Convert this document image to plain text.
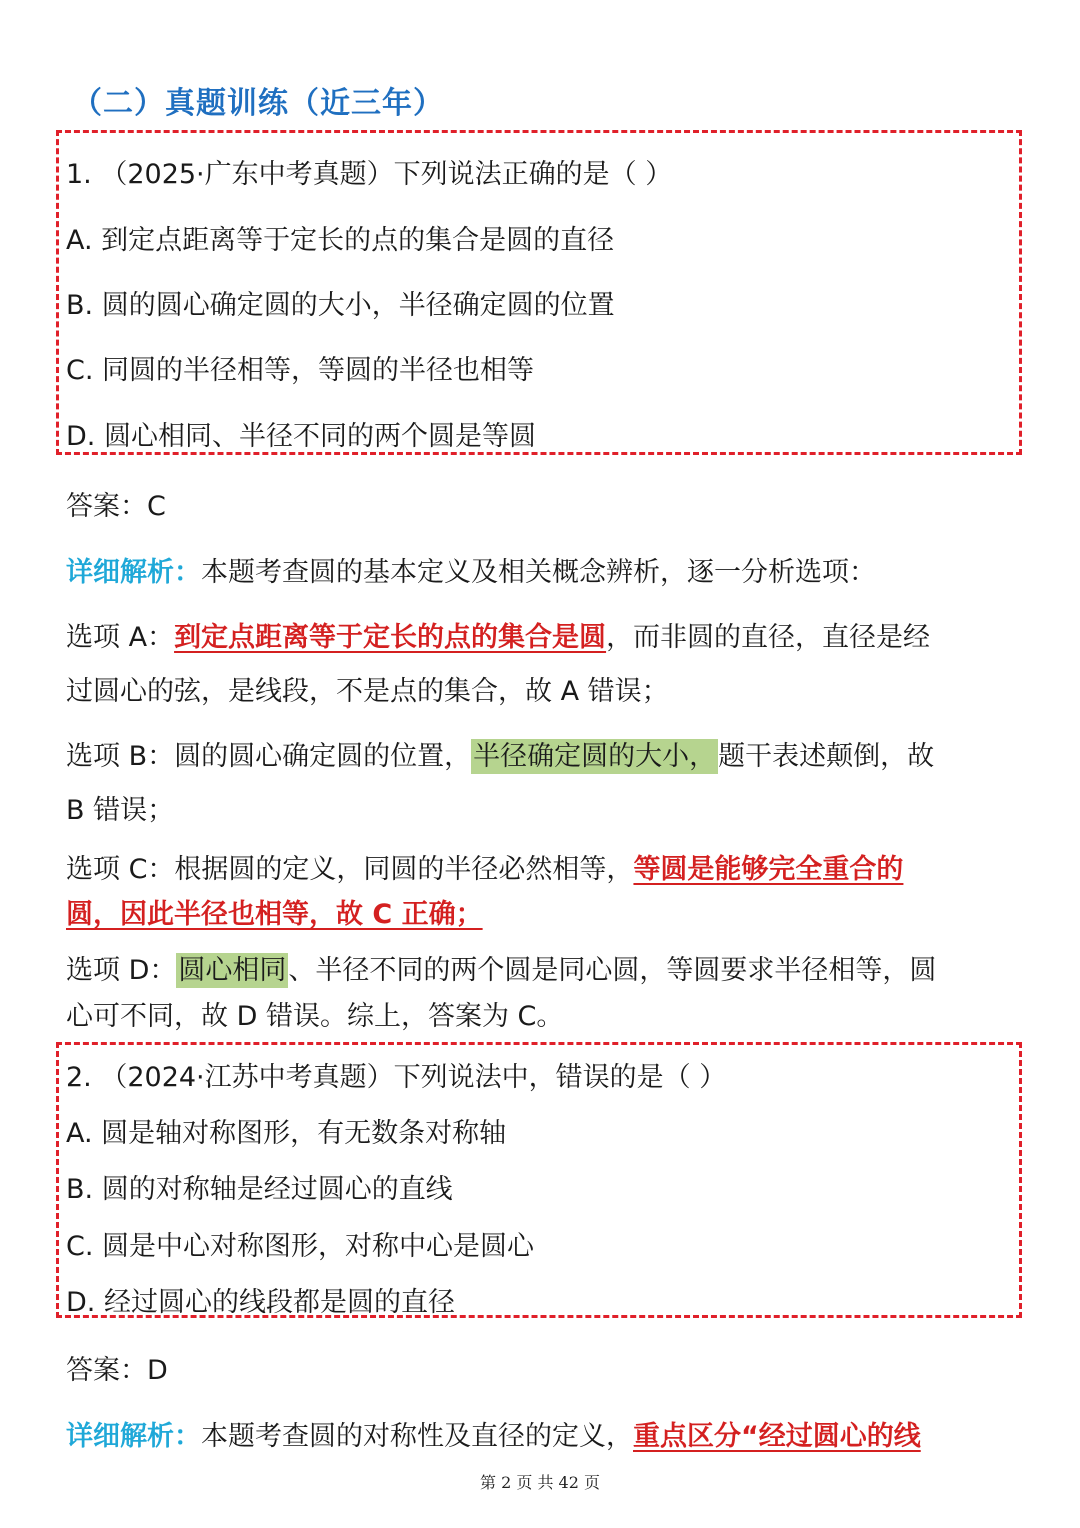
（二）真题训练（近三年）
1. （2025·广东中考真题）下列说法正确的是（ ）
A. 到定点距离等于定长的点的集合是圆的直径
B. 圆的圆心确定圆的大小，半径确定圆的位置
C. 同圆的半径相等，等圆的半径也相等
D. 圆心相同、半径不同的两个圆是等圆
答案：C
详细解析：本题考查圆的基本定义及相关概念辨析，逐一分析选项：
选项 A：到定点距离等于定长的点的集合是圆，而非圆的直径，直径是经
过圆心的弦，是线段，不是点的集合，故 A 错误；
选项 B：圆的圆心确定圆的位置，半径确定圆的大小，题干表述颠倒，故
B 错误；
选项 C：根据圆的定义，同圆的半径必然相等，等圆是能够完全重合的
圆，因此半径也相等，故 C 正确；
选项 D：圆心相同、半径不同的两个圆是同心圆，等圆要求半径相等，圆
心可不同，故 D 错误。综上，答案为 C。
2. （2024·江苏中考真题）下列说法中，错误的是（ ）
A. 圆是轴对称图形，有无数条对称轴
B. 圆的对称轴是经过圆心的直线
C. 圆是中心对称图形，对称中心是圆心
D. 经过圆心的线段都是圆的直径
答案：D
详细解析：本题考查圆的对称性及直径的定义，重点区分“经过圆心的线
第 2 页 共 42 页
